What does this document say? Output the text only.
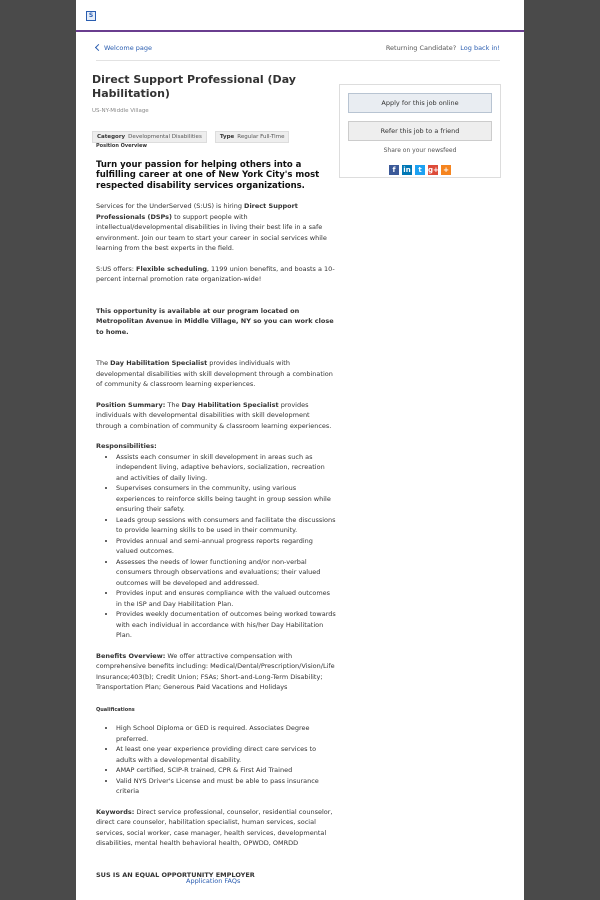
S
Welcome page	Returning Candidate? Log back in!
Direct Support Professional (Day Habilitation)
US-NY-Middle Village
Category Developmental Disabilities	Type Regular Full-Time
Position Overview
Turn your passion for helping others into a fulfilling career at one of New York City's most respected disability services organizations.

Services for the UnderServed (S:US) is hiring Direct Support Professionals (DSPs) to support people with intellectual/developmental disabilities in living their best life in a safe environment. Join our team to start your career in social services while learning from the best experts in the field.

S:US offers: Flexible scheduling, 1199 union benefits, and boasts a 10-percent internal promotion rate organization-wide!

This opportunity is available at our program located on Metropolitan Avenue in Middle Village, NY so you can work close to home.

The Day Habilitation Specialist provides individuals with developmental disabilities with skill development through a combination of community & classroom learning experiences.

Position Summary: The Day Habilitation Specialist provides individuals with developmental disabilities with skill development through a combination of community & classroom learning experiences.

Responsibilities:

• Assists each consumer in skill development in areas such as independent living, adaptive behaviors, socialization, recreation and activities of daily living.
• Supervises consumers in the community, using various experiences to reinforce skills being taught in group session while ensuring their safety.
• Leads group sessions with consumers and facilitate the discussions to provide learning skills to be used in their community.
• Provides annual and semi-annual progress reports regarding valued outcomes.
• Assesses the needs of lower functioning and/or non-verbal consumers through observations and evaluations; their valued outcomes will be developed and addressed.
• Provides input and ensures compliance with the valued outcomes in the ISP and Day Habilitation Plan.
• Provides weekly documentation of outcomes being worked towards with each individual in accordance with his/her Day Habilitation Plan.

Benefits Overview: We offer attractive compensation with comprehensive benefits including: Medical/Dental/Prescription/Vision/Life Insurance;403(b); Credit Union; FSAs; Short-and-Long-Term Disability; Transportation Plan; Generous Paid Vacations and Holidays

Qualifications
• High School Diploma or GED is required. Associates Degree preferred.
• At least one year experience providing direct care services to adults with a developmental disability.
• AMAP certified, SCIP-R trained, CPR & First Aid Trained
• Valid NYS Driver's License and must be able to pass insurance criteria

Keywords: Direct service professional, counselor, residential counselor, direct care counselor, habilitation specialist, human services, social services, social worker, case manager, health services, developmental disabilities, mental health behavioral health, OPWDD, OMRDD

SUS IS AN EQUAL OPPORTUNITY EMPLOYER

Application FAQs
Apply for this job online
Refer this job to a friend
Share on your newsfeed
f in t g+ +
